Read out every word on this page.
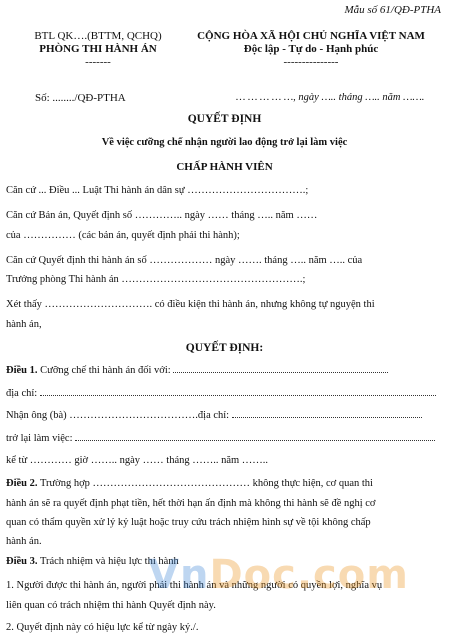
Mẫu số 61/QĐ-PTHA
BTL QK….(BTTM, QCHQ)
PHÒNG THI HÀNH ÁN
-------
CỘNG HÒA XÃ HỘI CHỦ NGHĨA VIỆT NAM
Độc lập - Tự do - Hạnh phúc
---------------
Số: ......../QĐ-PTHA	… … … … …, ngày ….. tháng ….. năm …….
QUYẾT ĐỊNH
Về việc cưỡng chế nhận người lao động trở lại làm việc
CHẤP HÀNH VIÊN
Căn cứ ... Điều ... Luật Thi hành án dân sự …………………………….;
Căn cứ Bản án, Quyết định số ………….. ngày …… tháng ….. năm ……
của …………… (các bản án, quyết định phải thi hành);
Căn cứ Quyết định thi hành án số ……………… ngày ……. tháng ….. năm ….. của
Trưởng phòng Thi hành án …………………………………………….;
Xét thấy …………………………. có điều kiện thi hành án, nhưng không tự nguyện thi
hành án,
QUYẾT ĐỊNH:
Điều 1. Cưỡng chế thi hành án đối với:
địa chỉ:
Nhận ông (bà) ……………………………….địa chỉ:
trở lại làm việc:
kể từ ………… giờ …….. ngày …… tháng …….. năm ……..
Điều 2. Trường hợp ……………………………………… không thực hiện, cơ quan thi
hành án sẽ ra quyết định phạt tiền, hết thời hạn ấn định mà không thi hành sẽ đề nghị cơ
quan có thẩm quyền xử lý kỷ luật hoặc truy cứu trách nhiệm hình sự về tội không chấp
hành án.
Điều 3. Trách nhiệm và hiệu lực thi hành
1. Người được thi hành án, người phải thi hành án và những người có quyền lợi, nghĩa vụ
liên quan có trách nhiệm thi hành Quyết định này.
2. Quyết định này có hiệu lực kể từ ngày ký./.
VnDoc.com
